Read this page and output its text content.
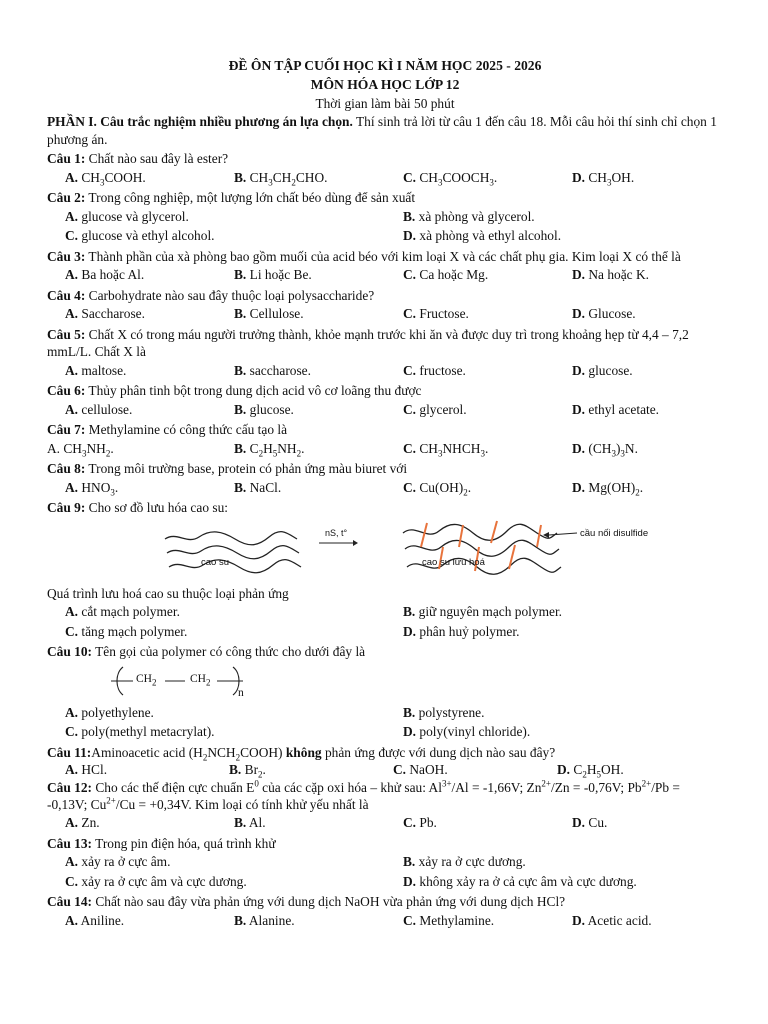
ĐỀ ÔN TẬP CUỐI HỌC KÌ I NĂM HỌC 2025 - 2026
MÔN HÓA HỌC LỚP 12
Thời gian làm bài 50 phút

PHẦN I. Câu trắc nghiệm nhiều phương án lựa chọn. Thí sinh trả lời từ câu 1 đến câu 18. Mỗi câu hỏi thí sinh chỉ chọn 1 phương án.

Câu 1: Chất nào sau đây là ester?
A. $CH_3COOH$.	B. $CH_3CH_2CHO$.	C. $CH_3COOCH_3$.	D. $CH_3OH$.
Câu 2: Trong công nghiệp, một lượng lớn chất béo dùng để sản xuất
A. glucose và glycerol.	B. xà phòng và glycerol.
C. glucose và ethyl alcohol.	D. xà phòng và ethyl alcohol.
Câu 3: Thành phần của xà phòng bao gồm muối của acid béo với kim loại X và các chất phụ gia. Kim loại X có thể là
A. Ba hoặc Al.	B. Li hoặc Be.	C. Ca hoặc Mg.	D. Na hoặc K.
Câu 4: Carbohydrate nào sau đây thuộc loại polysaccharide?
A. Saccharose.	B. Cellulose.	C. Fructose.	D. Glucose.
Câu 5: Chất X có trong máu người trưởng thành, khỏe mạnh trước khi ăn và được duy trì trong khoảng hẹp từ 4,4 – 7,2 mmL/L. Chất X là
A. maltose.	B. saccharose.	C. fructose.	D. glucose.
Câu 6: Thủy phân tinh bột trong dung dịch acid vô cơ loãng thu được
A. cellulose.	B. glucose.	C. glycerol.	D. ethyl acetate.
Câu 7: Methylamine có công thức cấu tạo là
A. $CH_3NH_2$.	B. $C_2H_5NH_2$.	C. $CH_3NHCH_3$.	D. $(CH_3)_3N$.
Câu 8: Trong môi trường base, protein có phản ứng màu biuret với
A. $HNO_3$.	B. NaCl.	C. $Cu(OH)_2$.	D. $Mg(OH)_2$.
Câu 9: Cho sơ đồ lưu hóa cao su:
cao su
nS, t°
cao su lưu hoá
cầu nối disulfide
Quá trình lưu hoá cao su thuộc loại phản ứng
A. cắt mạch polymer.	B. giữ nguyên mạch polymer.
C. tăng mạch polymer.	D. phân huỷ polymer.
Câu 10: Tên gọi của polymer có công thức cho dưới đây là
$CH_2$	$CH_2$
n
A. polyethylene.	B. polystyrene.
C. poly(methyl metacrylat).	D. poly(vinyl chloride).
Câu 11:Aminoacetic acid $(H_2NCH_2COOH)$ không phản ứng được với dung dịch nào sau đây?
A. HCl.	B. $Br_2$.	C. NaOH.	D. $C_2H_5OH$.
Câu 12: Cho các thế điện cực chuẩn $E^0$ của các cặp oxi hóa – khử sau: $Al^{3+}/Al = -1,66V$; $Zn^{2+}/Zn = -0,76V$; $Pb^{2+}/Pb = -0,13V$; $Cu^{2+}/Cu = +0,34V$. Kim loại có tính khử yếu nhất là
A. Zn.	B. Al.	C. Pb.	D. Cu.
Câu 13: Trong pin điện hóa, quá trình khử
A. xảy ra ở cực âm.	B. xảy ra ở cực dương.
C. xảy ra ở cực âm và cực dương.	D. không xảy ra ở cả cực âm và cực dương.
Câu 14: Chất nào sau đây vừa phản ứng với dung dịch NaOH vừa phản ứng với dung dịch HCl?
A. Aniline.	B. Alanine.	C. Methylamine.	D. Acetic acid.
